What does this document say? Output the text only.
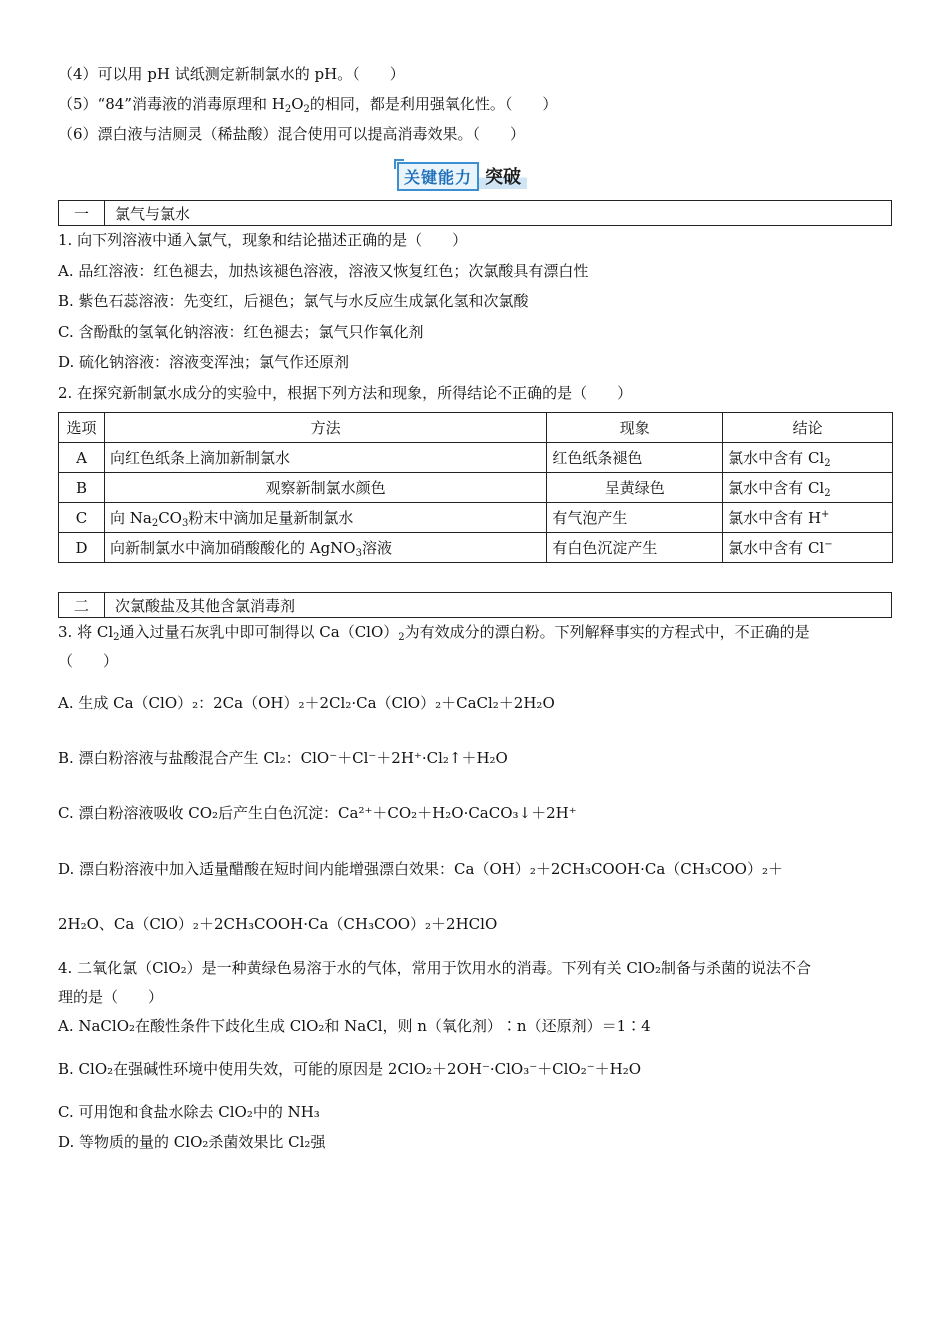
（4）可以用 pH 试纸测定新制氯水的 pH。（　　）
（5）“84”消毒液的消毒原理和 $H_2O_2$的相同，都是利用强氧化性。（　　）
（6）漂白液与洁厕灵（稀盐酸）混合使用可以提高消毒效果。（　　）
关键能力 突破
一	氯气与氯水
1. 向下列溶液中通入氯气，现象和结论描述正确的是（　　）
A. 品红溶液：红色褪去，加热该褪色溶液，溶液又恢复红色；次氯酸具有漂白性
B. 紫色石蕊溶液：先变红，后褪色；氯气与水反应生成氯化氢和次氯酸
C. 含酚酞的氢氧化钠溶液：红色褪去；氯气只作氧化剂
D. 硫化钠溶液：溶液变浑浊；氯气作还原剂
2. 在探究新制氯水成分的实验中，根据下列方法和现象，所得结论不正确的是（　　）
选项	方法	现象	结论
A	向红色纸条上滴加新制氯水	红色纸条褪色	氯水中含有 $Cl_2$
B	观察新制氯水颜色	呈黄绿色	氯水中含有 $Cl_2$
C	向 $Na_2CO_3$粉末中滴加足量新制氯水	有气泡产生	氯水中含有 H+
D	向新制氯水中滴加硝酸酸化的 AgNO$_3$溶液	有白色沉淀产生	氯水中含有 Cl−
二	次氯酸盐及其他含氯消毒剂
3. 将 $Cl_2$通入过量石灰乳中即可制得以 $Ca(ClO)_2$为有效成分的漂白粉。下列解释事实的方程式中，不正确的是
（　　）
A. 生成 Ca（ClO）₂：2Ca（OH）₂＋2Cl₂·Ca（ClO）₂＋CaCl₂＋2H₂O
B. 漂白粉溶液与盐酸混合产生 Cl₂：ClO⁻＋Cl⁻＋2H⁺·Cl₂↑＋H₂O
C. 漂白粉溶液吸收 CO₂后产生白色沉淀：Ca²⁺＋CO₂＋H₂O·CaCO₃↓＋2H⁺
D. 漂白粉溶液中加入适量醋酸在短时间内能增强漂白效果：Ca（OH）₂＋2CH₃COOH·Ca（CH₃COO）₂＋
2H₂O、Ca（ClO）₂＋2CH₃COOH·Ca（CH₃COO）₂＋2HClO
4. 二氧化氯（ClO₂）是一种黄绿色易溶于水的气体，常用于饮用水的消毒。下列有关 ClO₂制备与杀菌的说法不合
理的是（　　）
A. NaClO₂在酸性条件下歧化生成 ClO₂和 NaCl，则 n（氧化剂）∶n（还原剂）＝1∶4
B. ClO₂在强碱性环境中使用失效，可能的原因是 2ClO₂＋2OH⁻·ClO₃⁻＋ClO₂⁻＋H₂O
C. 可用饱和食盐水除去 ClO₂中的 NH₃
D. 等物质的量的 ClO₂杀菌效果比 Cl₂强
